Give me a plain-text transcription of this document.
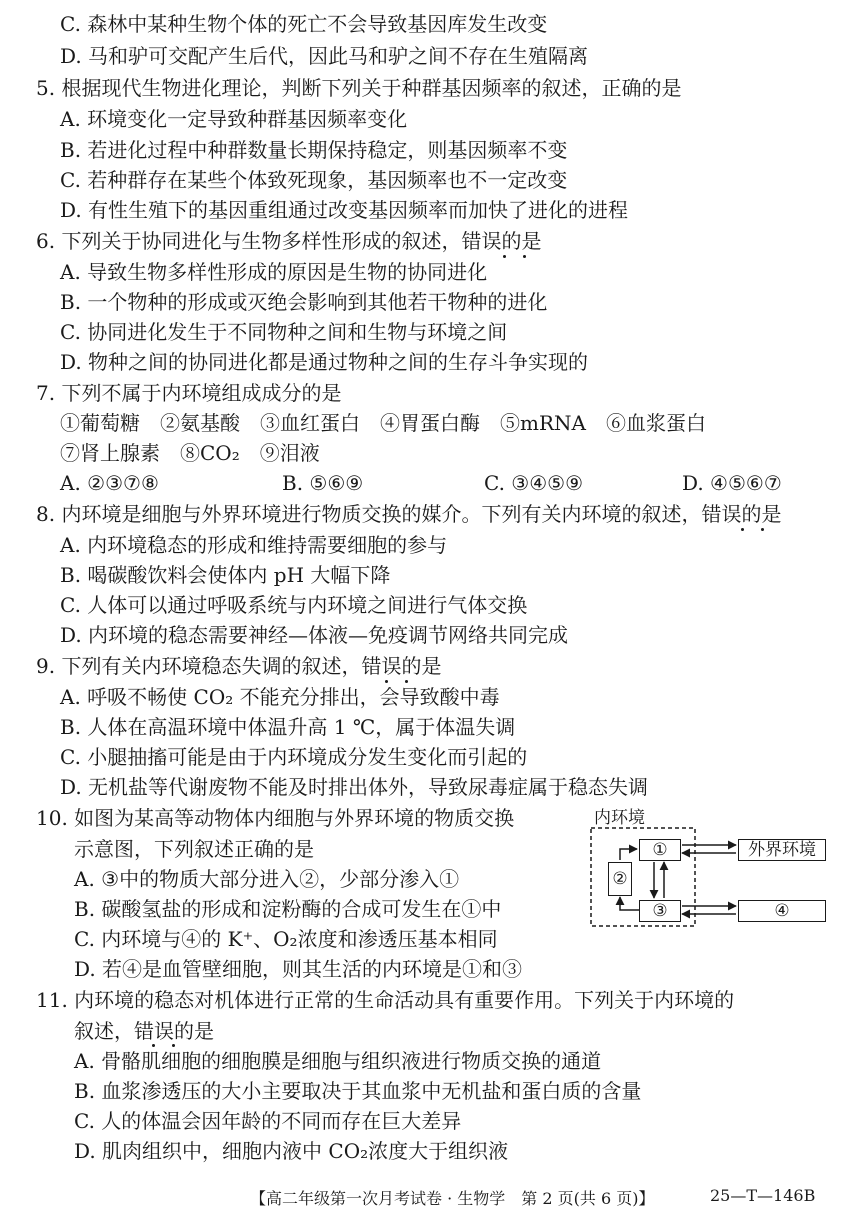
C. 森林中某种生物个体的死亡不会导致基因库发生改变
D. 马和驴可交配产生后代，因此马和驴之间不存在生殖隔离
5. 根据现代生物进化理论，判断下列关于种群基因频率的叙述，正确的是
A. 环境变化一定导致种群基因频率变化
B. 若进化过程中种群数量长期保持稳定，则基因频率不变
C. 若种群存在某些个体致死现象，基因频率也不一定改变
D. 有性生殖下的基因重组通过改变基因频率而加快了进化的进程
6. 下列关于协同进化与生物多样性形成的叙述，错误的是
A. 导致生物多样性形成的原因是生物的协同进化
B. 一个物种的形成或灭绝会影响到其他若干物种的进化
C. 协同进化发生于不同物种之间和生物与环境之间
D. 物种之间的协同进化都是通过物种之间的生存斗争实现的
7. 下列不属于内环境组成成分的是
①葡萄糖　②氨基酸　③血红蛋白　④胃蛋白酶　⑤mRNA　⑥血浆蛋白
⑦肾上腺素　⑧CO₂　⑨泪液
A. ②③⑦⑧	B. ⑤⑥⑨	C. ③④⑤⑨	D. ④⑤⑥⑦
8. 内环境是细胞与外界环境进行物质交换的媒介。下列有关内环境的叙述，错误的是
A. 内环境稳态的形成和维持需要细胞的参与
B. 喝碳酸饮料会使体内 pH 大幅下降
C. 人体可以通过呼吸系统与内环境之间进行气体交换
D. 内环境的稳态需要神经—体液—免疫调节网络共同完成
9. 下列有关内环境稳态失调的叙述，错误的是
A. 呼吸不畅使 CO₂ 不能充分排出，会导致酸中毒
B. 人体在高温环境中体温升高 1 ℃，属于体温失调
C. 小腿抽搐可能是由于内环境成分发生变化而引起的
D. 无机盐等代谢废物不能及时排出体外，导致尿毒症属于稳态失调
10. 如图为某高等动物体内细胞与外界环境的物质交换
示意图，下列叙述正确的是
A. ③中的物质大部分进入②，少部分渗入①
B. 碳酸氢盐的形成和淀粉酶的合成可发生在①中
C. 内环境与④的 K⁺、O₂浓度和渗透压基本相同
D. 若④是血管壁细胞，则其生活的内环境是①和③
11. 内环境的稳态对机体进行正常的生命活动具有重要作用。下列关于内环境的
叙述，错误的是
A. 骨骼肌细胞的细胞膜是细胞与组织液进行物质交换的通道
B. 血浆渗透压的大小主要取决于其血浆中无机盐和蛋白质的含量
C. 人的体温会因年龄的不同而存在巨大差异
D. 肌肉组织中，细胞内液中 CO₂浓度大于组织液
内环境
①
②
③
外界环境
④
【高二年级第一次月考试卷 · 生物学　第 2 页(共 6 页)】	25—T—146B
